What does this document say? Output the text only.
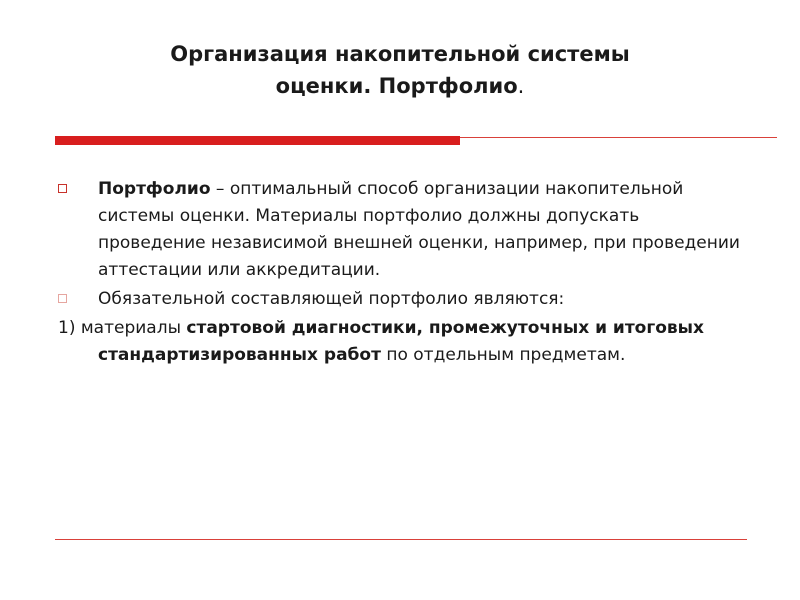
Организация накопительной системы
оценки. Портфолио.
Портфолио – оптимальный способ организации накопительной системы оценки. Материалы портфолио должны допускать проведение независимой внешней оценки, например, при проведении аттестации или аккредитации.
Обязательной составляющей портфолио являются:
1) материалы стартовой диагностики, промежуточных и итоговых стандартизированных работ по отдельным предметам.
